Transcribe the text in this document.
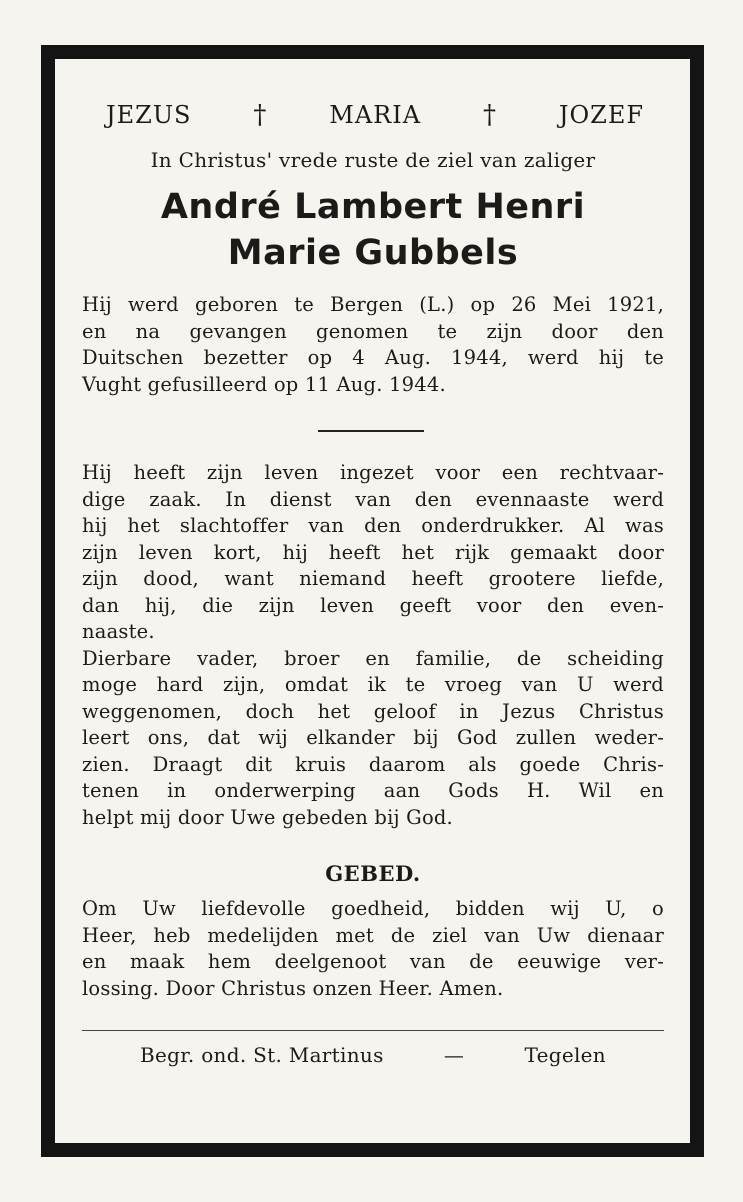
JEZUS †	MARIA †	JOZEF
In Christus' vrede ruste de ziel van zaliger
André Lambert Henri
Marie Gubbels
Hij werd geboren te Bergen (L.) op 26 Mei 1921,
en na gevangen genomen te zijn door den
Duitschen bezetter op 4 Aug. 1944, werd hij te
Vught gefusilleerd op 11 Aug. 1944.
Hij heeft zijn leven ingezet voor een rechtvaar-
dige zaak. In dienst van den evennaaste werd
hij het slachtoffer van den onderdrukker. Al was
zijn leven kort, hij heeft het rijk gemaakt door
zijn dood, want niemand heeft grootere liefde,
dan hij, die zijn leven geeft voor den even-
naaste.
Dierbare vader, broer en familie, de scheiding
moge hard zijn, omdat ik te vroeg van U werd
weggenomen, doch het geloof in Jezus Christus
leert ons, dat wij elkander bij God zullen weder-
zien. Draagt dit kruis daarom als goede Chris-
tenen in onderwerping aan Gods H. Wil en
helpt mij door Uwe gebeden bij God.
GEBED.
Om Uw liefdevolle goedheid, bidden wij U, o
Heer, heb medelijden met de ziel van Uw dienaar
en maak hem deelgenoot van de eeuwige ver-
lossing. Door Christus onzen Heer. Amen.
Begr. ond. St. Martinus	—	Tegelen
